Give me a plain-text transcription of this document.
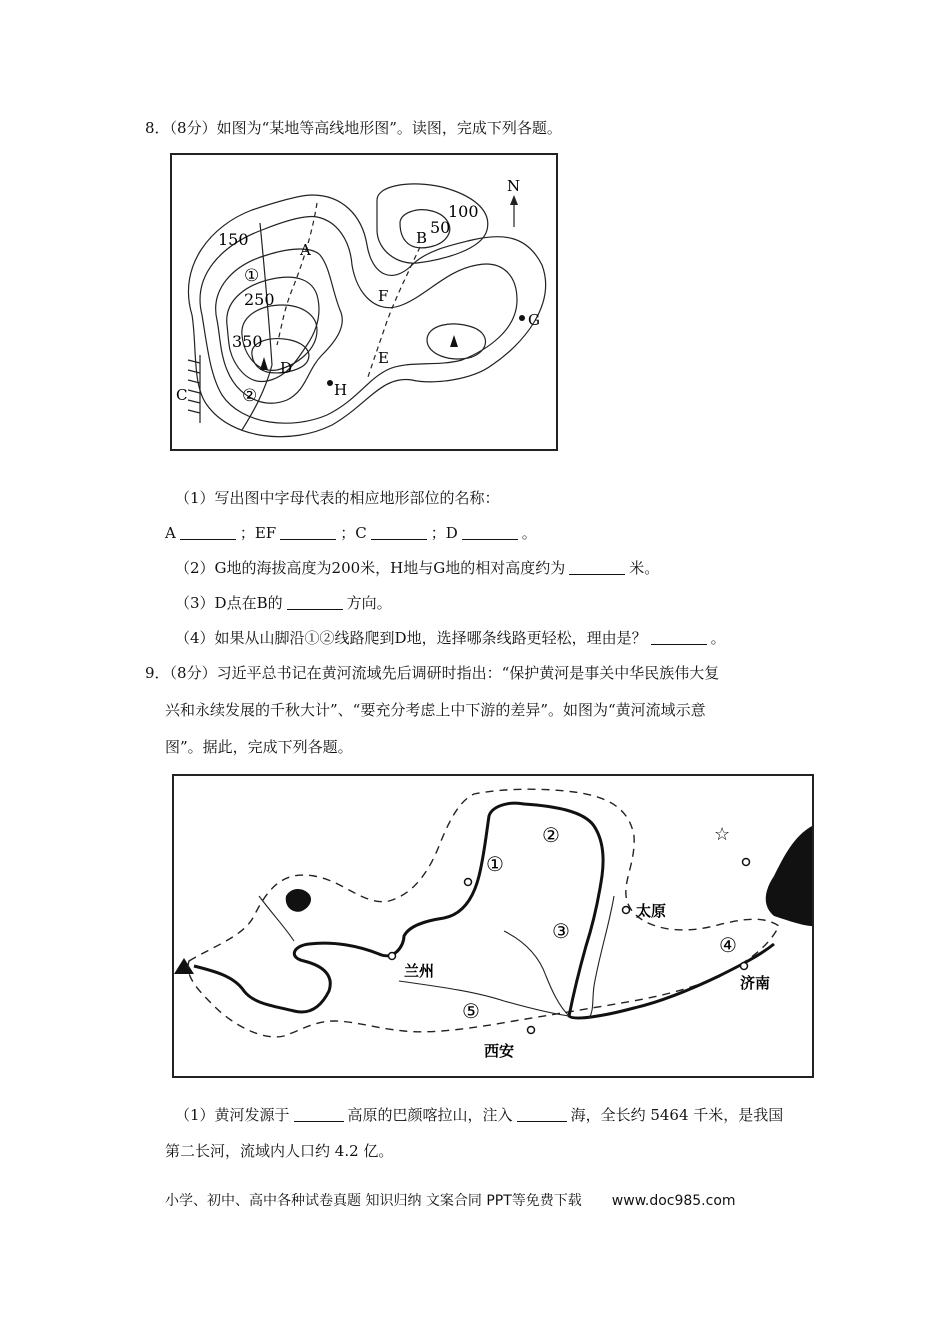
8．（8分）如图为“某地等高线地形图”。读图，完成下列各题。
N
150
250
350
50
100
A
B
C
D
E
F
G
H
①
②
（1）写出图中字母代表的相应地形部位的名称：
A	；EF	；C	；D	。
（2）G地的海拔高度为200米，H地与G地的相对高度约为	米。
（3）D点在B的	方向。
（4）如果从山脚沿①②线路爬到D地，选择哪条线路更轻松，理由是？	。
9．（8分）习近平总书记在黄河流域先后调研时指出：“保护黄河是事关中华民族伟大复
兴和永续发展的千秋大计”、“要充分考虑上中下游的差异”。如图为“黄河流域示意
图”。据此，完成下列各题。
☆
兰州
西安
太原
济南
①
②
③
④
⑤
（1）黄河发源于	高原的巴颜喀拉山，注入	海，全长约 5464 千米，是我国
第二长河，流域内人口约 4.2 亿。
小学、初中、高中各种试卷真题 知识归纳 文案合同 PPT等免费下载 www.doc985.com
